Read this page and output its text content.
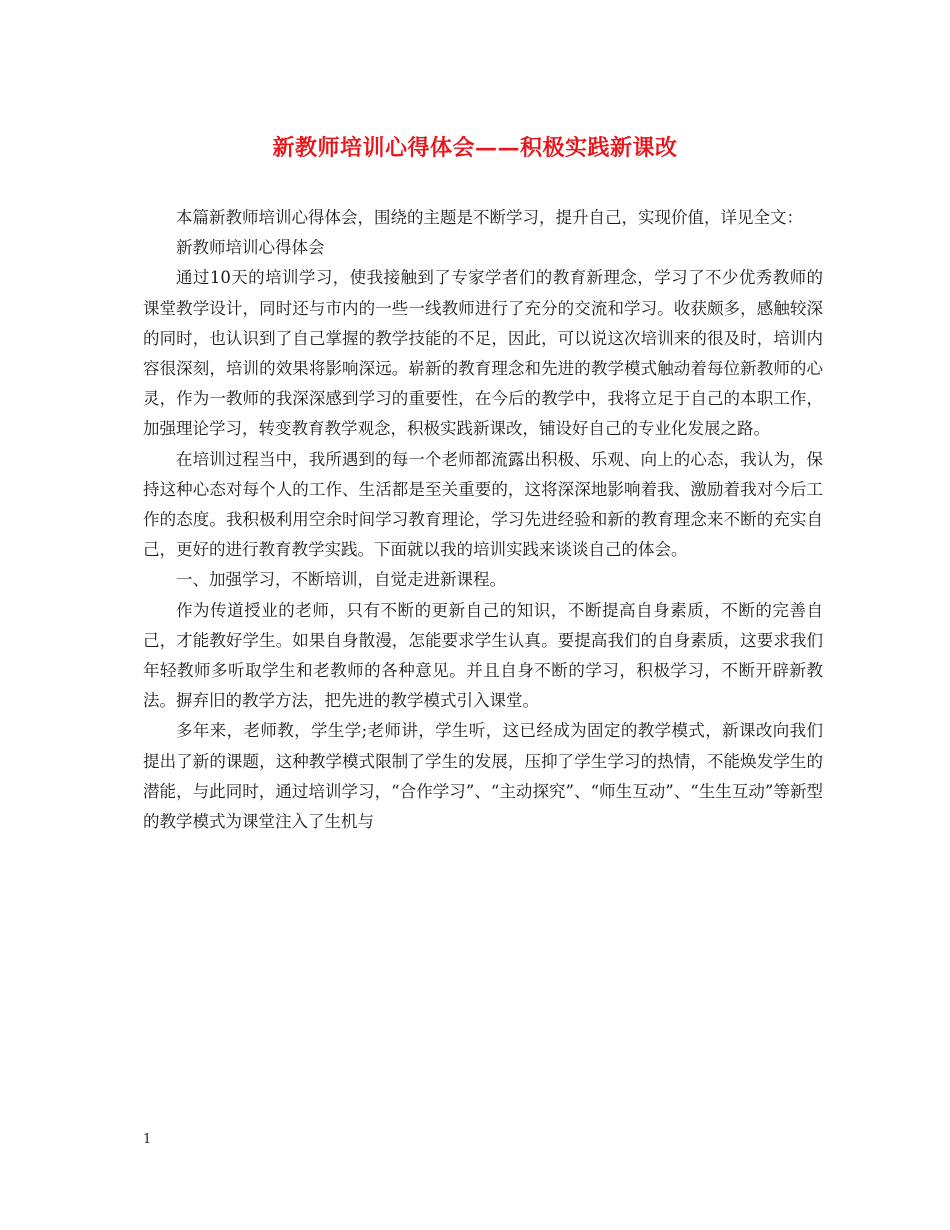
新教师培训心得体会——积极实践新课改

本篇新教师培训心得体会，围绕的主题是不断学习，提升自己，实现价值，详见全文：

新教师培训心得体会

通过10天的培训学习，使我接触到了专家学者们的教育新理念，学习了不少优秀教师的课堂教学设计，同时还与市内的一些一线教师进行了充分的交流和学习。收获颇多，感触较深的同时，也认识到了自己掌握的教学技能的不足，因此，可以说这次培训来的很及时，培训内容很深刻，培训的效果将影响深远。崭新的教育理念和先进的教学模式触动着每位新教师的心灵，作为一教师的我深深感到学习的重要性，在今后的教学中，我将立足于自己的本职工作，加强理论学习，转变教育教学观念，积极实践新课改，铺设好自己的专业化发展之路。

在培训过程当中，我所遇到的每一个老师都流露出积极、乐观、向上的心态，我认为，保持这种心态对每个人的工作、生活都是至关重要的，这将深深地影响着我、激励着我对今后工作的态度。我积极利用空余时间学习教育理论，学习先进经验和新的教育理念来不断的充实自己，更好的进行教育教学实践。下面就以我的培训实践来谈谈自己的体会。

一、加强学习，不断培训，自觉走进新课程。

作为传道授业的老师，只有不断的更新自己的知识，不断提高自身素质，不断的完善自己，才能教好学生。如果自身散漫，怎能要求学生认真。要提高我们的自身素质，这要求我们年轻教师多听取学生和老教师的各种意见。并且自身不断的学习，积极学习，不断开辟新教法。摒弃旧的教学方法，把先进的教学模式引入课堂。

多年来，老师教，学生学;老师讲，学生听，这已经成为固定的教学模式，新课改向我们提出了新的课题，这种教学模式限制了学生的发展，压抑了学生学习的热情，不能焕发学生的潜能，与此同时，通过培训学习，“合作学习”、“主动探究”、“师生互动”、“生生互动”等新型的教学模式为课堂注入了生机与

1
